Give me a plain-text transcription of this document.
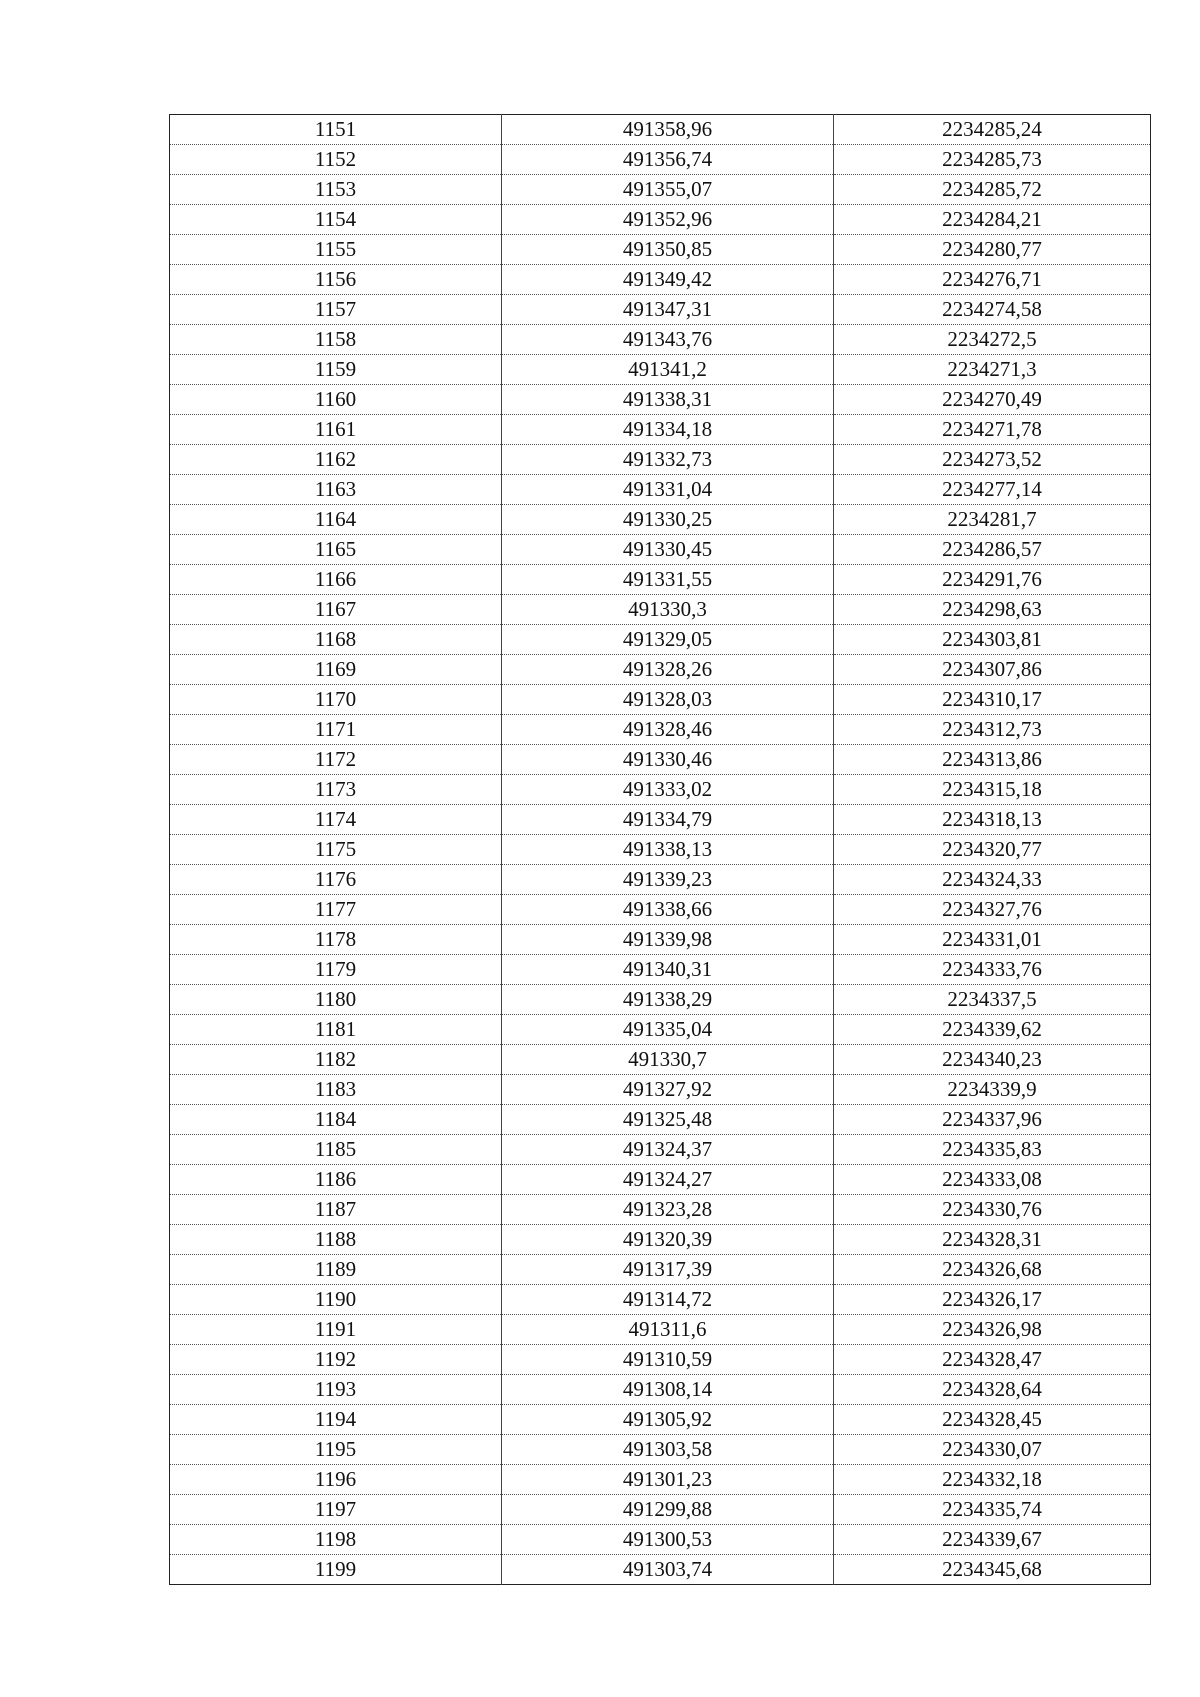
1151	491358,96	2234285,24
1152	491356,74	2234285,73
1153	491355,07	2234285,72
1154	491352,96	2234284,21
1155	491350,85	2234280,77
1156	491349,42	2234276,71
1157	491347,31	2234274,58
1158	491343,76	2234272,5
1159	491341,2	2234271,3
1160	491338,31	2234270,49
1161	491334,18	2234271,78
1162	491332,73	2234273,52
1163	491331,04	2234277,14
1164	491330,25	2234281,7
1165	491330,45	2234286,57
1166	491331,55	2234291,76
1167	491330,3	2234298,63
1168	491329,05	2234303,81
1169	491328,26	2234307,86
1170	491328,03	2234310,17
1171	491328,46	2234312,73
1172	491330,46	2234313,86
1173	491333,02	2234315,18
1174	491334,79	2234318,13
1175	491338,13	2234320,77
1176	491339,23	2234324,33
1177	491338,66	2234327,76
1178	491339,98	2234331,01
1179	491340,31	2234333,76
1180	491338,29	2234337,5
1181	491335,04	2234339,62
1182	491330,7	2234340,23
1183	491327,92	2234339,9
1184	491325,48	2234337,96
1185	491324,37	2234335,83
1186	491324,27	2234333,08
1187	491323,28	2234330,76
1188	491320,39	2234328,31
1189	491317,39	2234326,68
1190	491314,72	2234326,17
1191	491311,6	2234326,98
1192	491310,59	2234328,47
1193	491308,14	2234328,64
1194	491305,92	2234328,45
1195	491303,58	2234330,07
1196	491301,23	2234332,18
1197	491299,88	2234335,74
1198	491300,53	2234339,67
1199	491303,74	2234345,68
